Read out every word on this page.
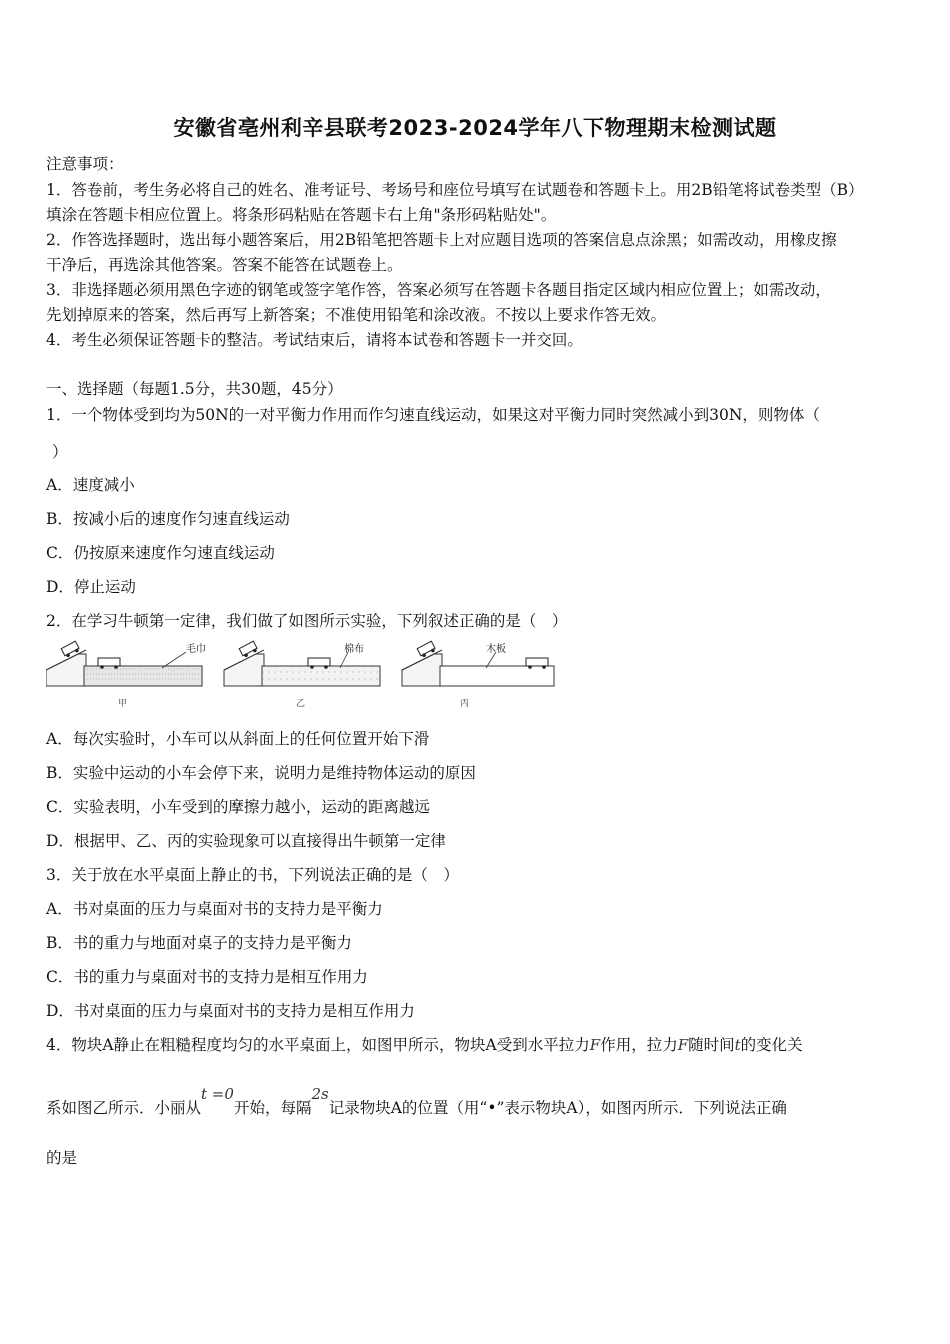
安徽省亳州利辛县联考2023-2024学年八下物理期末检测试题
注意事项：
1．答卷前，考生务必将自己的姓名、准考证号、考场号和座位号填写在试题卷和答题卡上。用2B铅笔将试卷类型（B）
填涂在答题卡相应位置上。将条形码粘贴在答题卡右上角"条形码粘贴处"。
2．作答选择题时，选出每小题答案后，用2B铅笔把答题卡上对应题目选项的答案信息点涂黑；如需改动，用橡皮擦
干净后，再选涂其他答案。答案不能答在试题卷上。
3．非选择题必须用黑色字迹的钢笔或签字笔作答，答案必须写在答题卡各题目指定区域内相应位置上；如需改动，
先划掉原来的答案，然后再写上新答案；不准使用铅笔和涂改液。不按以上要求作答无效。
4．考生必须保证答题卡的整洁。考试结束后，请将本试卷和答题卡一并交回。
一、选择题（每题1.5分，共30题，45分）
1．一个物体受到均为50N的一对平衡力作用而作匀速直线运动，如果这对平衡力同时突然减小到30N，则物体（
）
A．速度减小
B．按减小后的速度作匀速直线运动
C．仍按原来速度作匀速直线运动
D．停止运动
2．在学习牛顿第一定律，我们做了如图所示实验，下列叙述正确的是（　）
毛巾
甲
棉布
乙
木板
丙
A．每次实验时，小车可以从斜面上的任何位置开始下滑
B．实验中运动的小车会停下来，说明力是维持物体运动的原因
C．实验表明，小车受到的摩擦力越小，运动的距离越远
D．根据甲、乙、丙的实验现象可以直接得出牛顿第一定律
3．关于放在水平桌面上静止的书，下列说法正确的是（　）
A．书对桌面的压力与桌面对书的支持力是平衡力
B．书的重力与地面对桌子的支持力是平衡力
C．书的重力与桌面对书的支持力是相互作用力
D．书对桌面的压力与桌面对书的支持力是相互作用力
4．物块A静止在粗糙程度均匀的水平桌面上，如图甲所示，物块A受到水平拉力F作用，拉力F随时间t的变化关
系如图乙所示．小丽从t =0开始，每隔2s记录物块A的位置（用“•”表示物块A），如图丙所示．下列说法正确
的是
